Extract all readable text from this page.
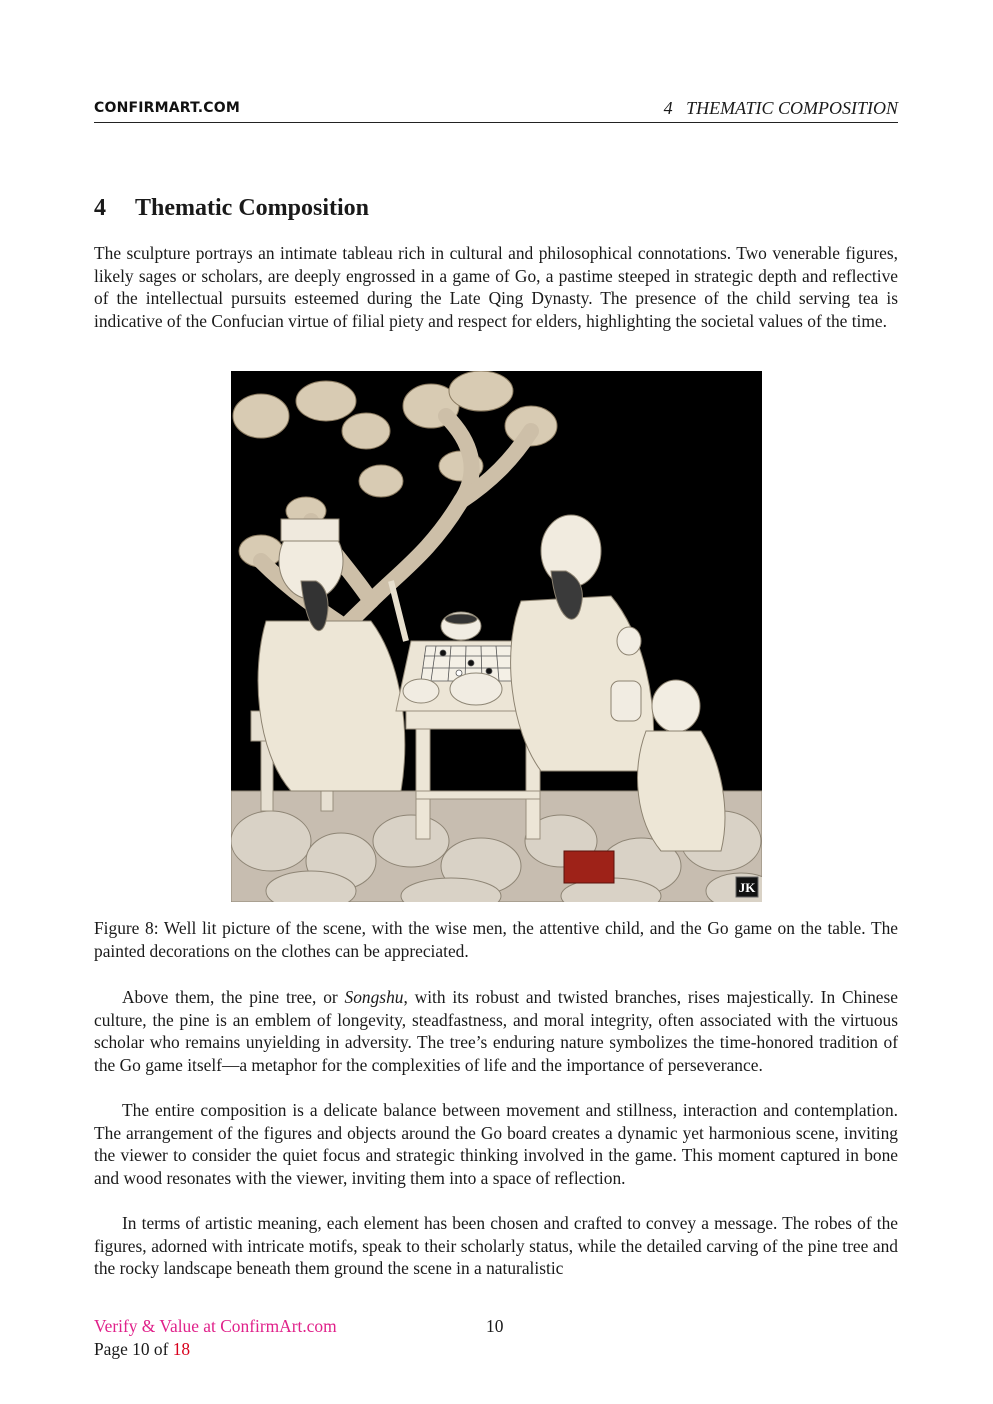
CONFIRMART.COM	4   THEMATIC COMPOSITION
4 Thematic Composition

The sculpture portrays an intimate tableau rich in cultural and philosophical connotations. Two venerable figures, likely sages or scholars, are deeply engrossed in a game of Go, a pastime steeped in strategic depth and reflective of the intellectual pursuits esteemed during the Late Qing Dynasty. The presence of the child serving tea is indicative of the Confucian virtue of filial piety and respect for elders, highlighting the societal values of the time.

JK

Figure 8: Well lit picture of the scene, with the wise men, the attentive child, and the Go game on the table. The painted decorations on the clothes can be appreciated.

Above them, the pine tree, or Songshu, with its robust and twisted branches, rises majestically. In Chinese culture, the pine is an emblem of longevity, steadfastness, and moral integrity, often associated with the virtuous scholar who remains unyielding in adversity. The tree’s enduring nature symbolizes the time-honored tradition of the Go game itself—a metaphor for the complexities of life and the importance of perseverance.

The entire composition is a delicate balance between movement and stillness, interaction and contemplation. The arrangement of the figures and objects around the Go board creates a dynamic yet harmonious scene, inviting the viewer to consider the quiet focus and strategic thinking involved in the game. This moment captured in bone and wood resonates with the viewer, inviting them into a space of reflection.

In terms of artistic meaning, each element has been chosen and crafted to convey a message. The robes of the figures, adorned with intricate motifs, speak to their scholarly status, while the detailed carving of the pine tree and the rocky landscape beneath them ground the scene in a naturalistic

Verify & Value at ConfirmArt.com	10
Page 10 of 18
